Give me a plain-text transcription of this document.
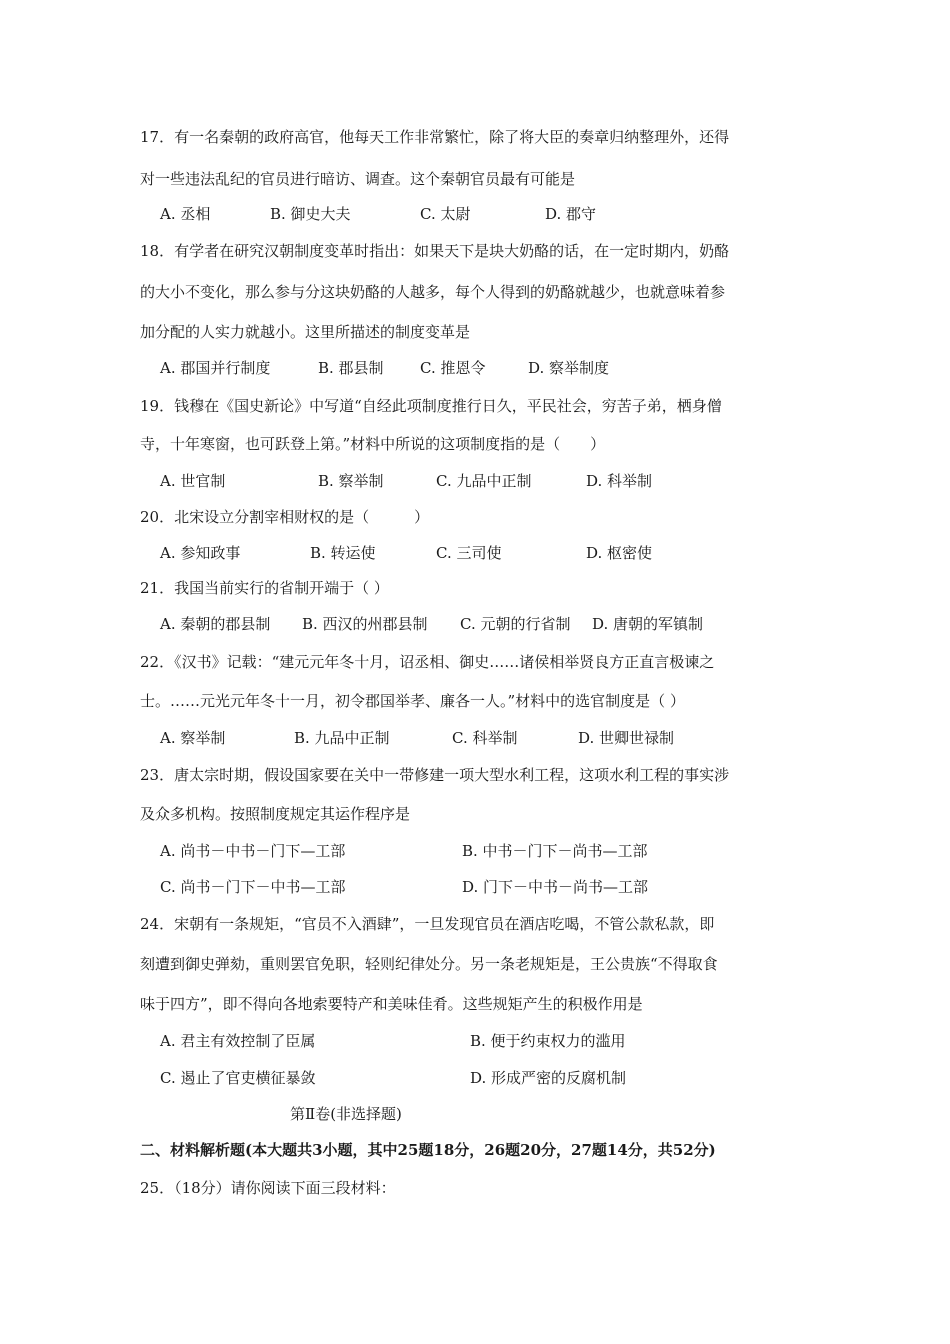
17．有一名秦朝的政府高官，他每天工作非常繁忙，除了将大臣的奏章归纳整理外，还得
对一些违法乱纪的官员进行暗访、调查。这个秦朝官员最有可能是
A. 丞相	B. 御史大夫	C. 太尉	D. 郡守
18．有学者在研究汉朝制度变革时指出：如果天下是块大奶酪的话，在一定时期内，奶酪
的大小不变化，那么参与分这块奶酪的人越多，每个人得到的奶酪就越少，也就意味着参
加分配的人实力就越小。这里所描述的制度变革是
A. 郡国并行制度	B. 郡县制 C. 推恩令	D. 察举制度
19．钱穆在《国史新论》中写道“自经此项制度推行日久，平民社会，穷苦子弟，栖身僧
寺，十年寒窗，也可跃登上第。”材料中所说的这项制度指的是（　　）
A. 世官制	B. 察举制	C. 九品中正制	D. 科举制
20．北宋设立分割宰相财权的是（　　　）
A. 参知政事	B. 转运使	C. 三司使	D. 枢密使
21．我国当前实行的省制开端于（ ）
A. 秦朝的郡县制 B. 西汉的州郡县制 C. 元朝的行省制 D. 唐朝的军镇制
22．《汉书》记载：“建元元年冬十月，诏丞相、御史……诸侯相举贤良方正直言极谏之
士。……元光元年冬十一月，初令郡国举孝、廉各一人。”材料中的选官制度是（ ）
A. 察举制	B. 九品中正制	C. 科举制	D. 世卿世禄制
23．唐太宗时期，假设国家要在关中一带修建一项大型水利工程，这项水利工程的事实涉
及众多机构。按照制度规定其运作程序是
A. 尚书－中书－门下—工部	B. 中书－门下－尚书—工部
C. 尚书－门下－中书—工部	D. 门下－中书－尚书—工部
24．宋朝有一条规矩，“官员不入酒肆”，一旦发现官员在酒店吃喝，不管公款私款，即
刻遭到御史弹劾，重则罢官免职，轻则纪律处分。另一条老规矩是，王公贵族“不得取食
味于四方”，即不得向各地索要特产和美味佳肴。这些规矩产生的积极作用是
A. 君主有效控制了臣属	B. 便于约束权力的滥用
C. 遏止了官吏横征暴敛	D. 形成严密的反腐机制
第Ⅱ卷(非选择题)
二、材料解析题(本大题共3小题，其中25题18分，26题20分，27题14分，共52分)
25．（18分）请你阅读下面三段材料：
